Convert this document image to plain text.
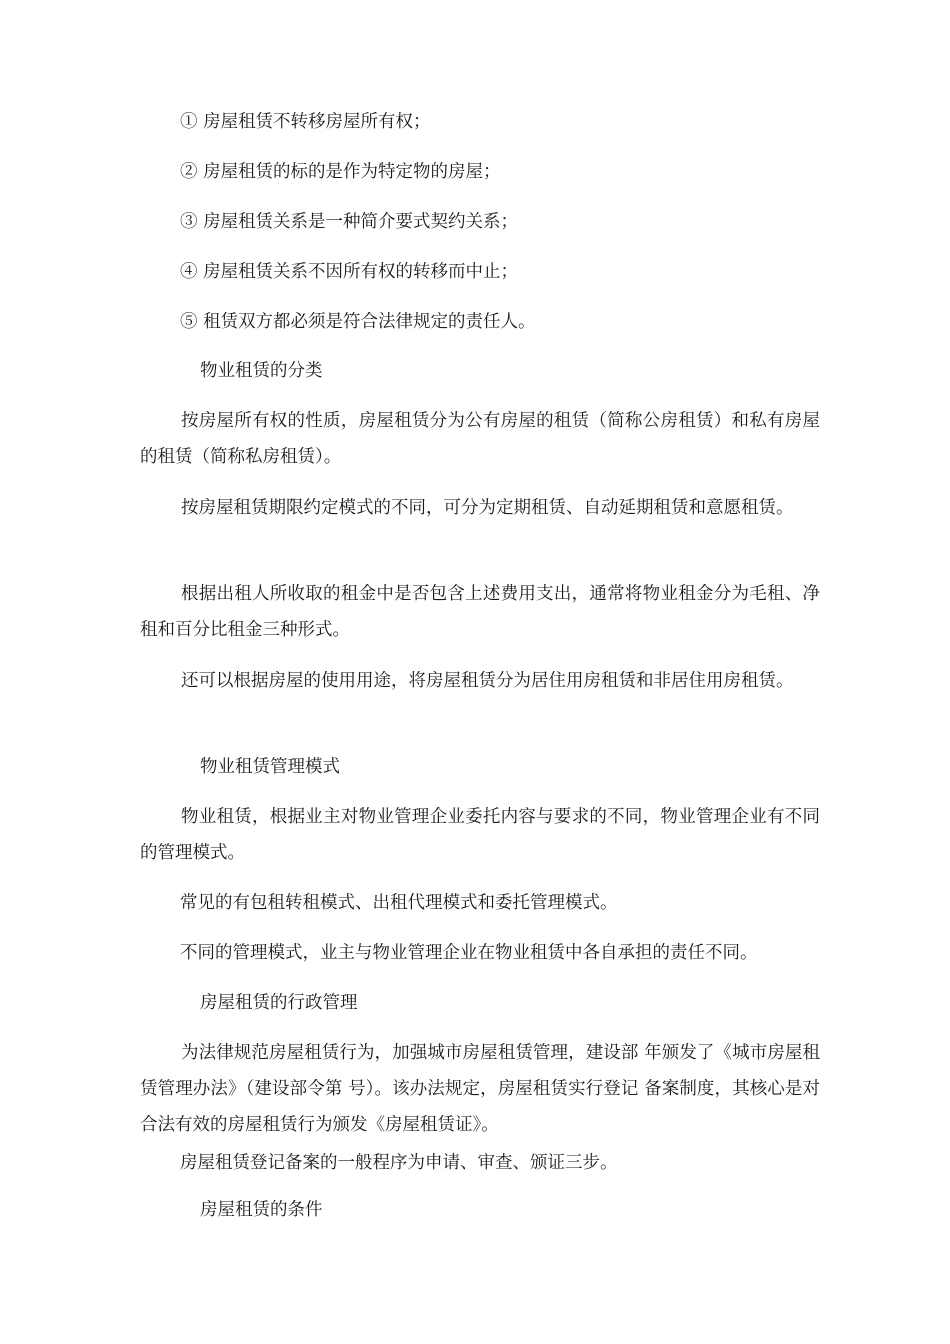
① 房屋租赁不转移房屋所有权；

② 房屋租赁的标的是作为特定物的房屋；

③ 房屋租赁关系是一种简介要式契约关系；

④ 房屋租赁关系不因所有权的转移而中止；

⑤ 租赁双方都必须是符合法律规定的责任人。

物业租赁的分类

按房屋所有权的性质，房屋租赁分为公有房屋的租赁（简称公房租赁）和私有房屋的租赁（简称私房租赁）。

按房屋租赁期限约定模式的不同，可分为定期租赁、自动延期租赁和意愿租赁。

根据出租人所收取的租金中是否包含上述费用支出，通常将物业租金分为毛租、净租和百分比租金三种形式。

还可以根据房屋的使用用途，将房屋租赁分为居住用房租赁和非居住用房租赁。

物业租赁管理模式

物业租赁，根据业主对物业管理企业委托内容与要求的不同，物业管理企业有不同的管理模式。

常见的有包租转租模式、出租代理模式和委托管理模式。

不同的管理模式，业主与物业管理企业在物业租赁中各自承担的责任不同。

房屋租赁的行政管理

为法律规范房屋租赁行为，加强城市房屋租赁管理，建设部 年颁发了《城市房屋租赁管理办法》（建设部令第 号）。该办法规定，房屋租赁实行登记 备案制度，其核心是对合法有效的房屋租赁行为颁发《房屋租赁证》。

房屋租赁登记备案的一般程序为申请、审查、颁证三步。

房屋租赁的条件
